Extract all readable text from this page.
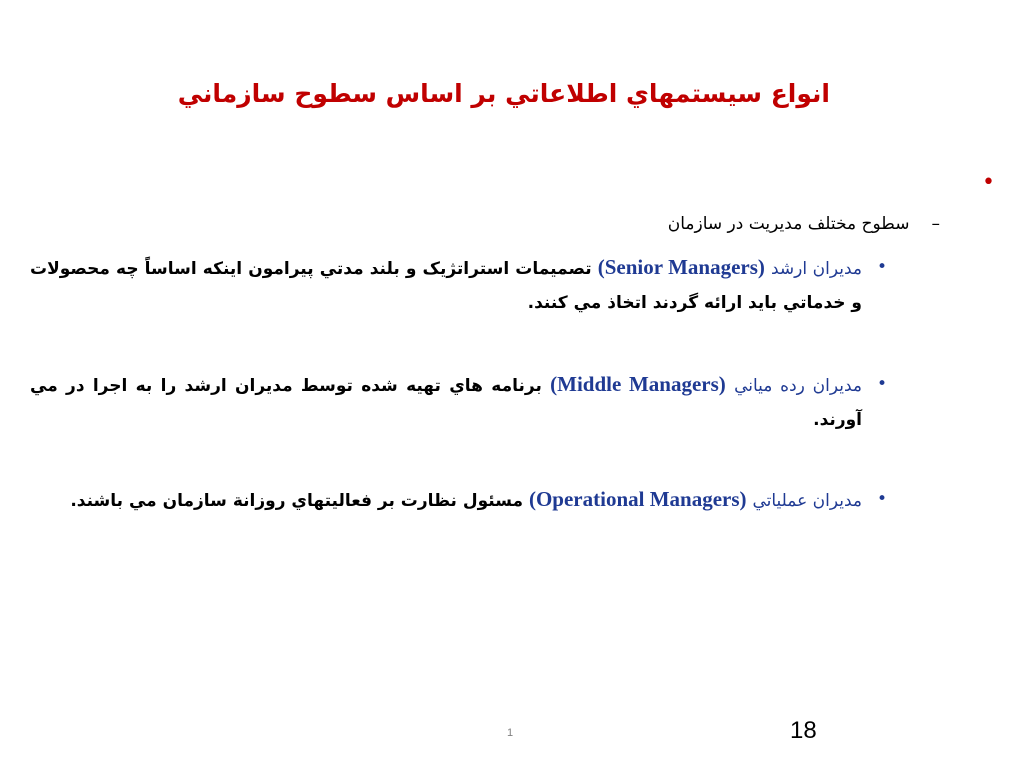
انواع سيستمهاي اطلاعاتي بر اساس سطوح سازماني
•
–سطوح مختلف مديريت در سازمان
•
مديران ارشد (Senior Managers) تصميمات استراتژيک و بلند مدتي پيرامون اينکه اساساً چه محصولات و خدماتي بايد ارائه گردند اتخاذ مي کنند.
•
مديران رده مياني (Middle Managers) برنامه هاي تهيه شده توسط مديران ارشد را به اجرا در مي آورند.
•
مديران عملياتي (Operational Managers) مسئول نظارت بر فعاليتهاي روزانة سازمان مي باشند.
1	18
